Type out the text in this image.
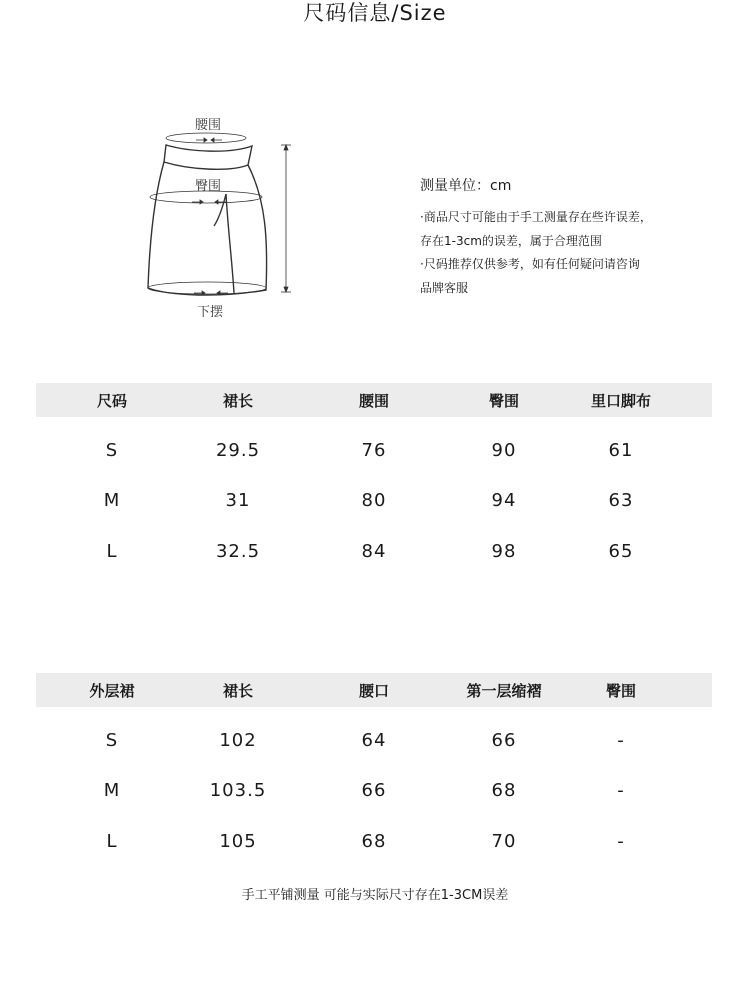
尺码信息/Size
腰围
臀围
下摆
测量单位：cm
·商品尺寸可能由于手工测量存在些许误差，
存在1-3cm的误差，属于合理范围
·尺码推荐仅供参考，如有任何疑问请咨询
品牌客服
尺码	裙长	腰围	臀围	里口脚布
S	29.5	76	90	61
M	31	80	94	63
L	32.5	84	98	65
外层裙	裙长	腰口	第一层缩褶	臀围
S	102	64	66	-
M	103.5	66	68	-
L	105	68	70	-
手工平铺测量 可能与实际尺寸存在1-3CM误差
